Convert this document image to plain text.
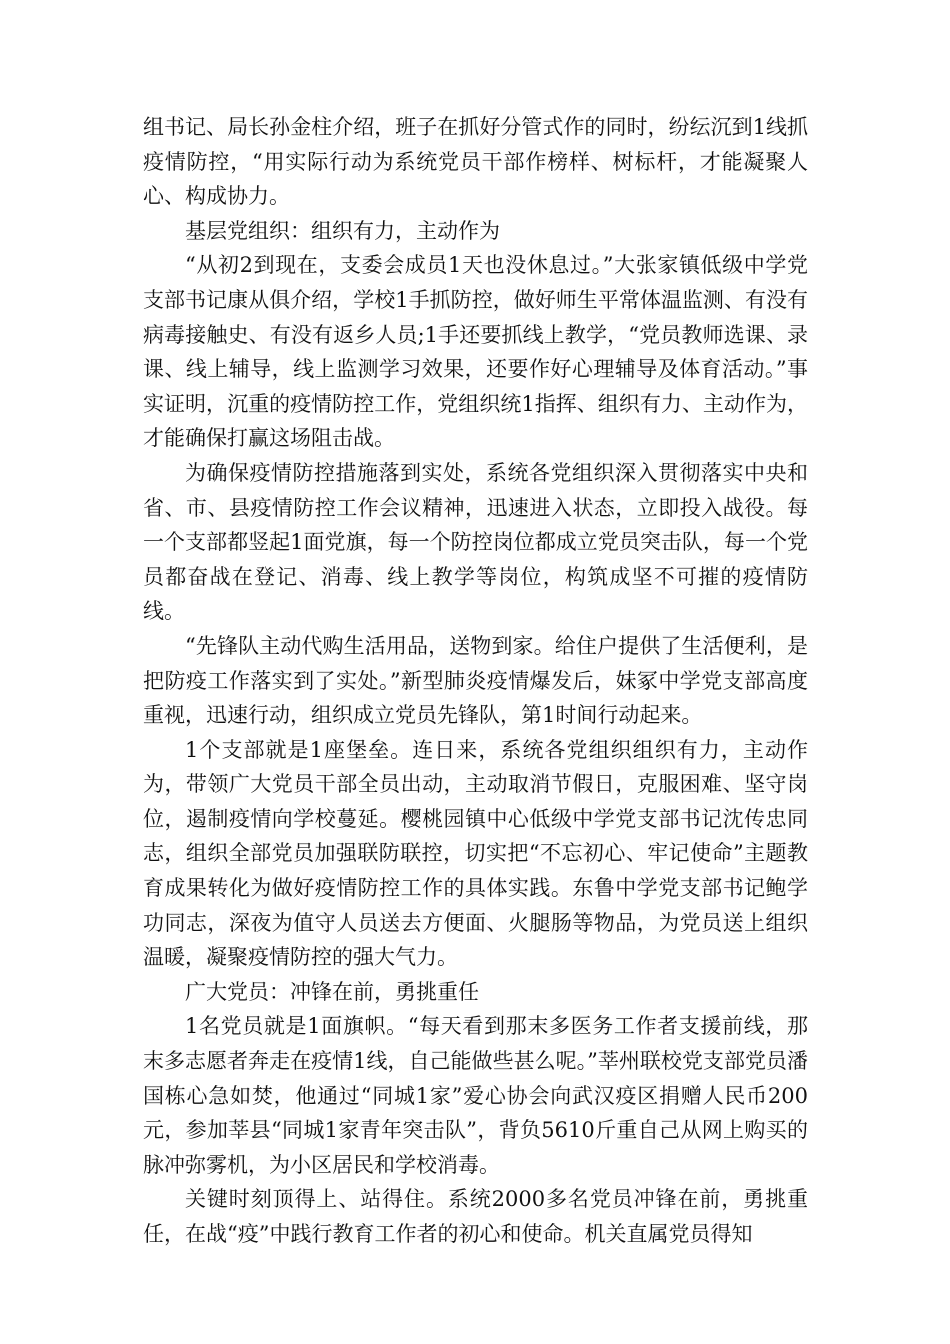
组书记、局长孙金柱介绍，班子在抓好分管式作的同时，纷纭沉到1线抓疫情防控，“用实际行动为系统党员干部作榜样、树标杆，才能凝聚人心、构成协力。

基层党组织：组织有力，主动作为

“从初2到现在，支委会成员1天也没休息过。”大张家镇低级中学党支部书记康从俱介绍，学校1手抓防控，做好师生平常体温监测、有没有病毒接触史、有没有返乡人员;1手还要抓线上教学，“党员教师选课、录课、线上辅导，线上监测学习效果，还要作好心理辅导及体育活动。”事实证明，沉重的疫情防控工作，党组织统1指挥、组织有力、主动作为，才能确保打赢这场阻击战。

为确保疫情防控措施落到实处，系统各党组织深入贯彻落实中央和省、市、县疫情防控工作会议精神，迅速进入状态，立即投入战役。每一个支部都竖起1面党旗，每一个防控岗位都成立党员突击队，每一个党员都奋战在登记、消毒、线上教学等岗位，构筑成坚不可摧的疫情防线。

“先锋队主动代购生活用品，送物到家。给住户提供了生活便利，是把防疫工作落实到了实处。”新型肺炎疫情爆发后，妹冢中学党支部高度重视，迅速行动，组织成立党员先锋队，第1时间行动起来。

1个支部就是1座堡垒。连日来，系统各党组织组织有力，主动作为，带领广大党员干部全员出动，主动取消节假日，克服困难、坚守岗位，遏制疫情向学校蔓延。樱桃园镇中心低级中学党支部书记沈传忠同志，组织全部党员加强联防联控，切实把“不忘初心、牢记使命”主题教育成果转化为做好疫情防控工作的具体实践。东鲁中学党支部书记鲍学功同志，深夜为值守人员送去方便面、火腿肠等物品，为党员送上组织温暖，凝聚疫情防控的强大气力。

广大党员：冲锋在前，勇挑重任

1名党员就是1面旗帜。“每天看到那末多医务工作者支援前线，那末多志愿者奔走在疫情1线，自己能做些甚么呢。”莘州联校党支部党员潘国栋心急如焚，他通过“同城1家”爱心协会向武汉疫区捐赠人民币200元，参加莘县“同城1家青年突击队”，背负5610斤重自己从网上购买的脉冲弥雾机，为小区居民和学校消毒。

关键时刻顶得上、站得住。系统2000多名党员冲锋在前，勇挑重任，在战“疫”中践行教育工作者的初心和使命。机关直属党员得知
